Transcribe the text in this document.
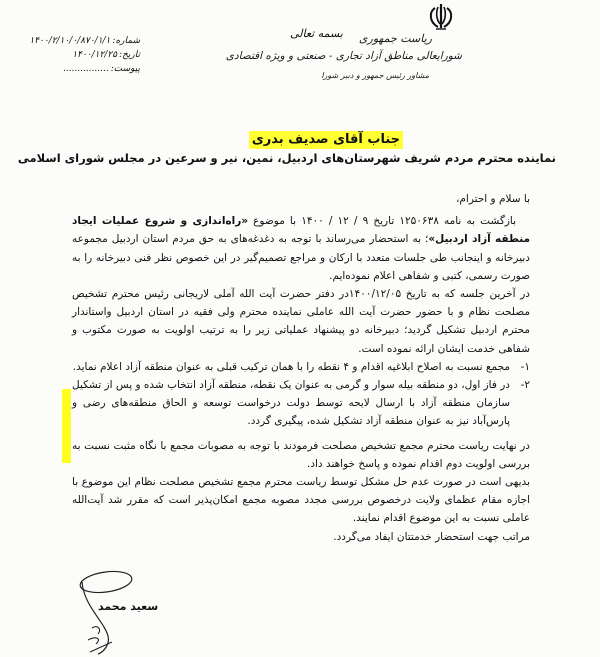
ریاست جمهوری
شورایعالی مناطق آزاد تجاری - صنعتی و ویژه اقتصادی
مشاور رئیس جمهور و دبیر شورا
بسمه تعالی
شماره:
۱۴۰۰/۲/۱۰/۰/۸۷۰/۱/۱
تاریخ:
۱۴۰۰/۱۲/۲۵
پیوست:
................
جناب آقای صدیف بدری
نماینده محترم مردم شریف شهرستان‌های اردبیل، نمین، نیر و سرعین در مجلس شورای اسلامی

با سلام و احترام،

بازگشت به نامه ۱۲۵۰۶۳۸ تاریخ ۹ / ۱۲ / ۱۴۰۰ با موضوع «راه‌اندازی و شروع عملیات ایجاد منطقه آزاد اردبیل»؛ به استحضار می‌رساند با توجه به دغدغه‌های به حق مردم استان اردبیل مجموعه دبیرخانه و اینجانب طی جلسات متعدد با ارکان و مراجع تصمیم‌گیر در این خصوص نظر فنی دبیرخانه را به صورت رسمی، کتبی و شفاهی اعلام نموده‌ایم.

در آخرین جلسه که به تاریخ ۱۴۰۰/۱۲/۰۵در دفتر حضرت آیت الله آملی لاریجانی رئیس محترم تشخیص مصلحت نظام و با حضور حضرت آیت الله عاملی نماینده محترم ولی فقیه در استان اردبیل واستاندار محترم اردبیل تشکیل گردید؛ دبیرخانه دو پیشنهاد عملیاتی زیر را به ترتیب اولویت به صورت مکتوب و شفاهی خدمت ایشان ارائه نموده است.

۱-
مجمع نسبت به اصلاح ابلاغیه اقدام و ۴ نقطه را با همان ترکیب قبلی به عنوان منطقه آزاد اعلام نماید.
۲-
در فاز اول، دو منطقه بیله سوار و گرمی به عنوان یک نقطه، منطقه آزاد انتخاب شده و پس از تشکیل سازمان منطقه آزاد با ارسال لایحه توسط دولت درخواست توسعه و الحاق منطقه‌های رضی و پارس‌آباد نیز به عنوان منطقه آزاد تشکیل شده، پیگیری گردد.

در نهایت ریاست محترم مجمع تشخیص مصلحت فرمودند با توجه به مصوبات مجمع با نگاه مثبت نسبت به بررسی اولویت دوم اقدام نموده و پاسخ خواهند داد.

بدیهی است در صورت عدم حل مشکل توسط ریاست محترم مجمع تشخیص مصلحت نظام این موضوع با اجازه مقام عظمای ولایت درخصوص بررسی مجدد مصوبه مجمع امکان‌پذیر است که مقرر شد آیت‌الله عاملی نسبت به این موضوع اقدام نمایند.

مراتب جهت استحضار خدمتتان ایفاد می‌گردد.

سعید محمد
